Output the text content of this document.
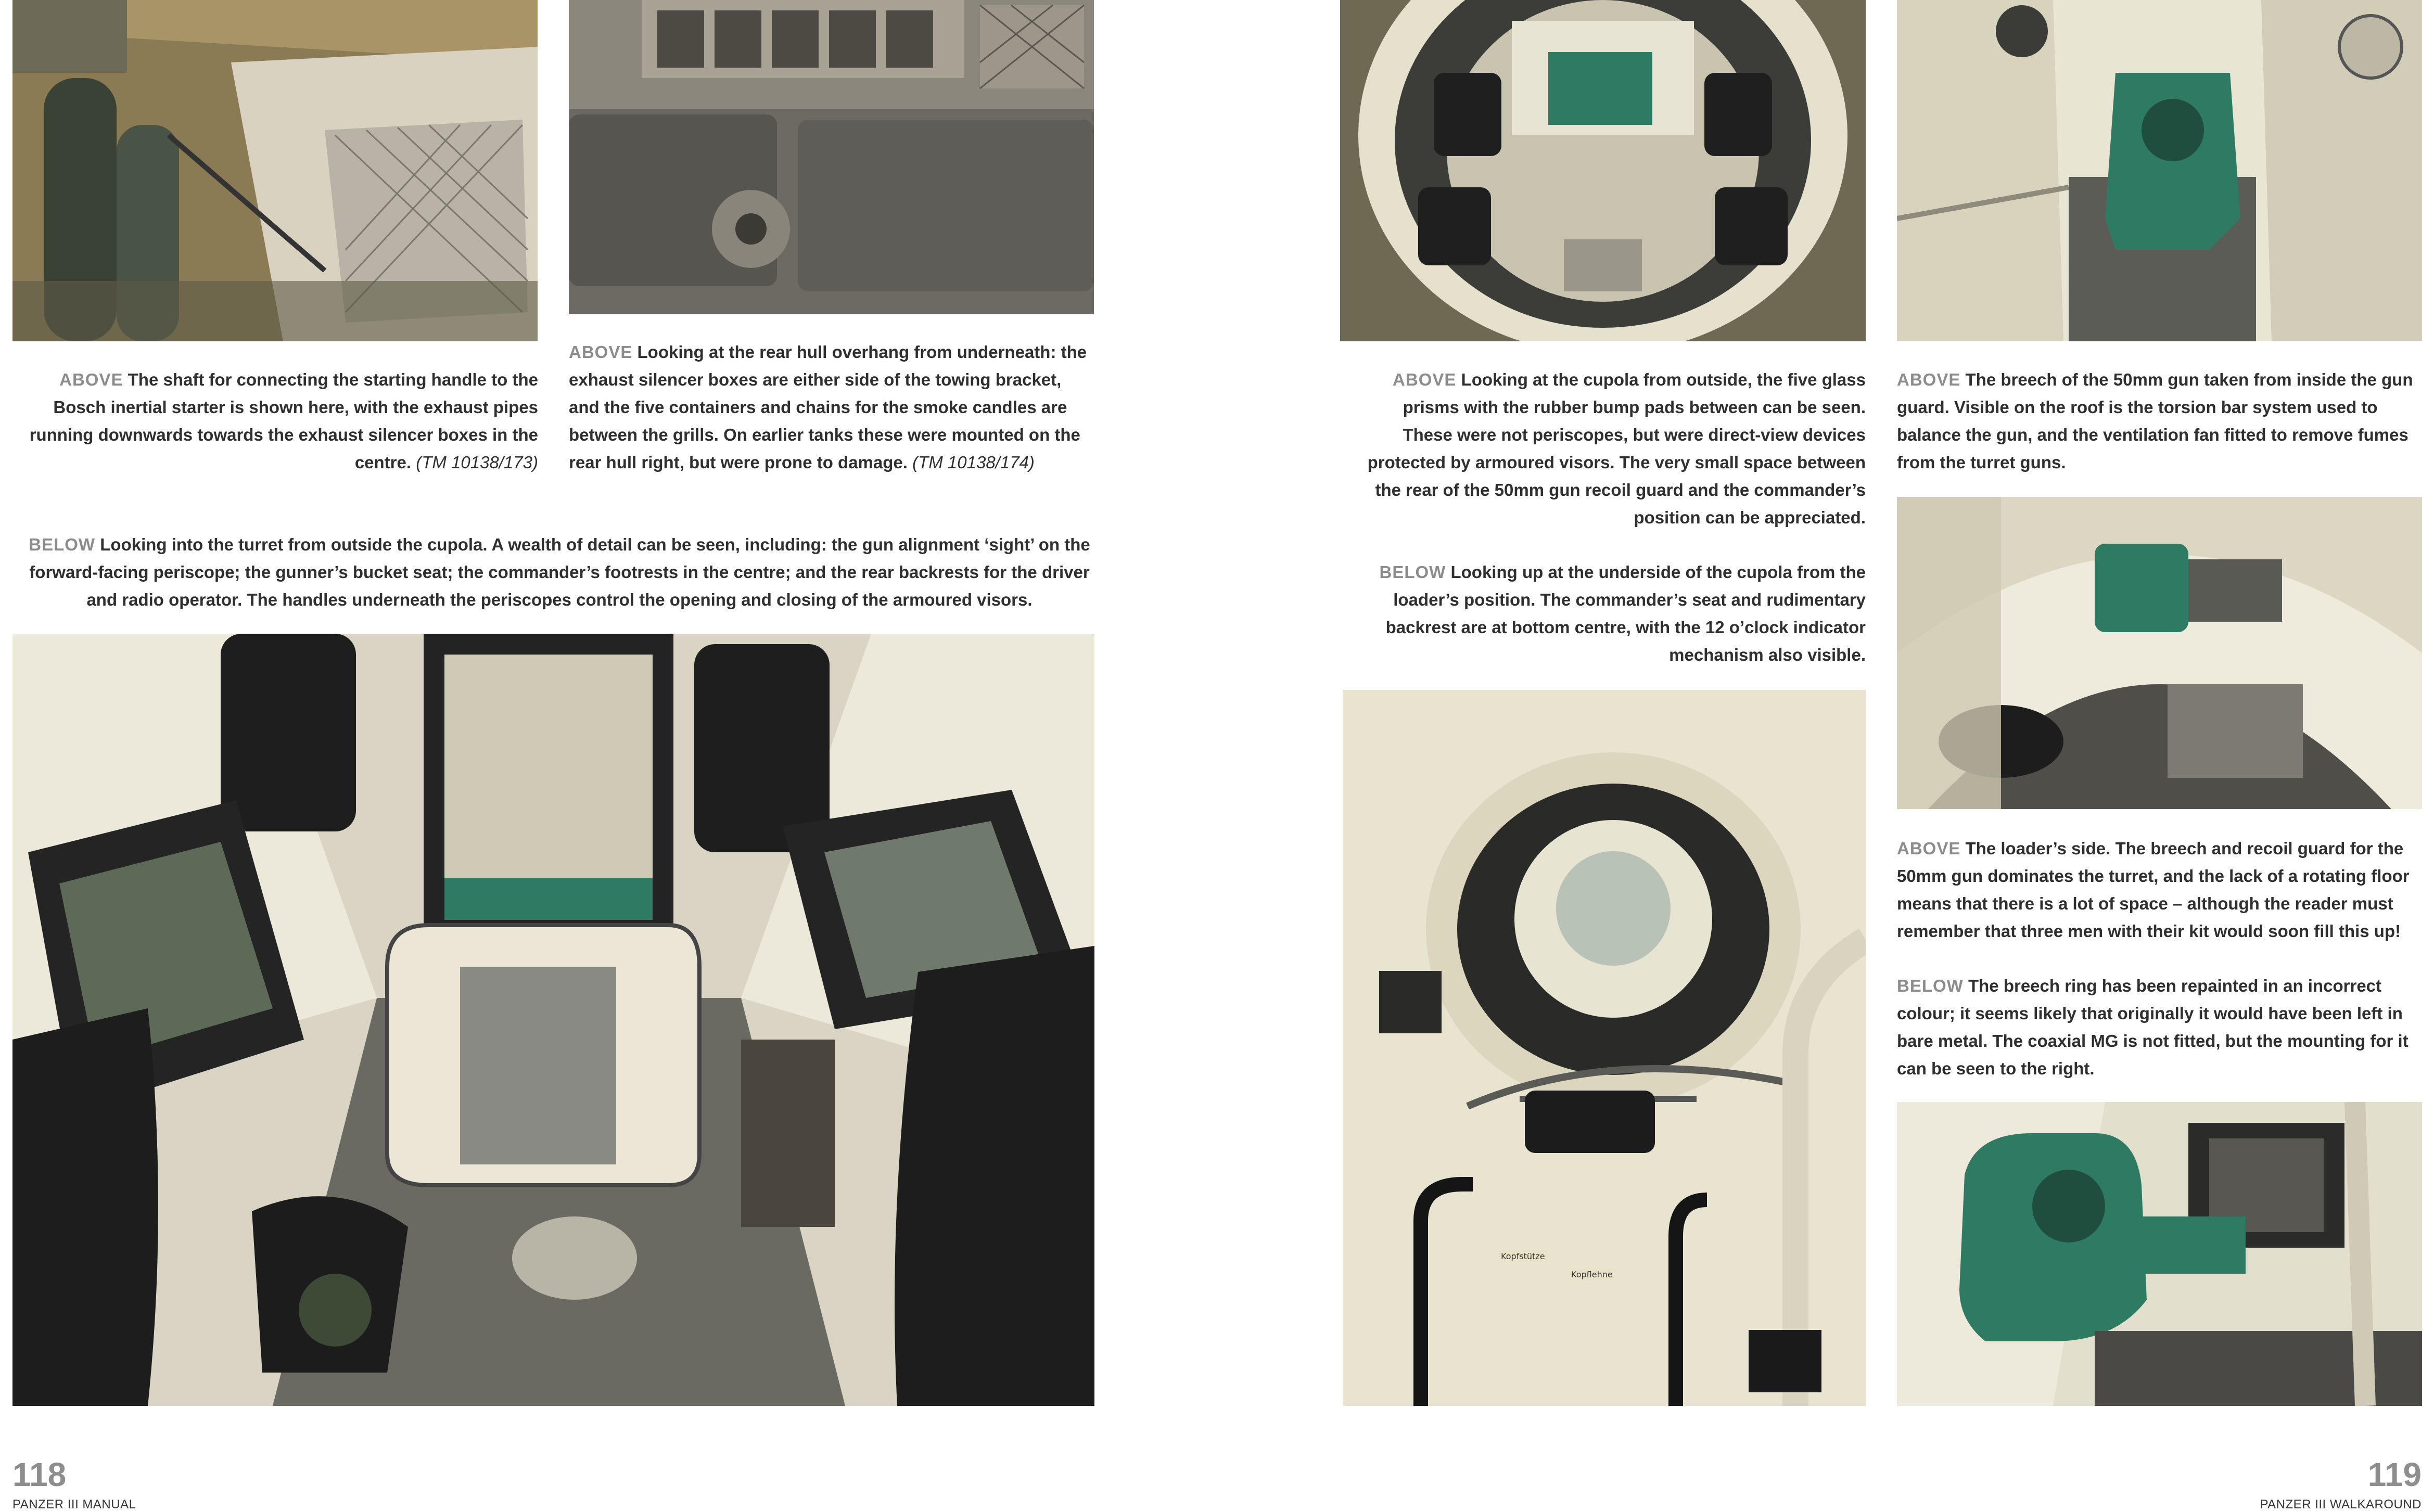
ABOVE The shaft for connecting the starting handle to the Bosch inertial starter is shown here, with the exhaust pipes running downwards towards the exhaust silencer boxes in the centre. (TM 10138/173)

ABOVE Looking at the rear hull overhang from underneath: the exhaust silencer boxes are either side of the towing bracket, and the five containers and chains for the smoke candles are between the grills. On earlier tanks these were mounted on the rear hull right, but were prone to damage. (TM 10138/174)

BELOW Looking into the turret from outside the cupola. A wealth of detail can be seen, including: the gun alignment ‘sight’ on the forward-facing periscope; the gunner’s bucket seat; the commander’s footrests in the centre; and the rear backrests for the driver and radio operator. The handles underneath the periscopes control the opening and closing of the armoured visors.

118
PANZER III MANUAL

ABOVE Looking at the cupola from outside, the five glass prisms with the rubber bump pads between can be seen. These were not periscopes, but were direct-view devices protected by armoured visors. The very small space between the rear of the 50mm gun recoil guard and the commander’s position can be appreciated.

BELOW Looking up at the underside of the cupola from the loader’s position. The commander’s seat and rudimentary backrest are at bottom centre, with the 12 o’clock indicator mechanism also visible.

ABOVE The breech of the 50mm gun taken from inside the gun guard. Visible on the roof is the torsion bar system used to balance the gun, and the ventilation fan fitted to remove fumes from the turret guns.

ABOVE The loader’s side. The breech and recoil guard for the 50mm gun dominates the turret, and the lack of a rotating floor means that there is a lot of space – although the reader must remember that three men with their kit would soon fill this up!

BELOW The breech ring has been repainted in an incorrect colour; it seems likely that originally it would have been left in bare metal. The coaxial MG is not fitted, but the mounting for it can be seen to the right.

Kopfstütze
Kopflehne
119
PANZER III WALKAROUND
